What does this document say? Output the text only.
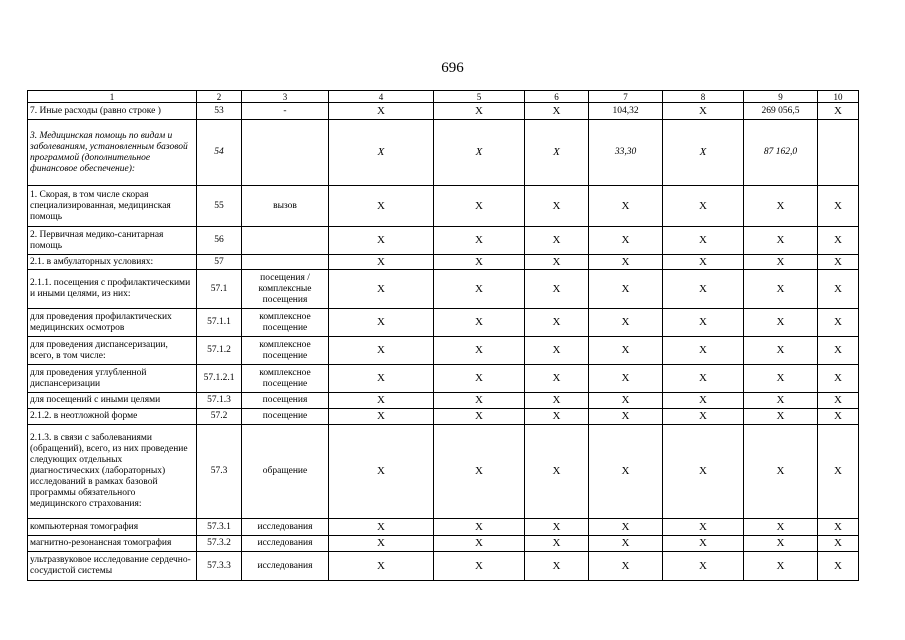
696
1	2	3	4	5	6	7	8	9	10
7. Иные расходы (равно строке )	53	-	X	X	X	104,32	X	269 056,5	X
3. Медицинская помощь по видам и заболеваниям, установленным базовой программой (дополнительное финансовое обеспечение):	54		X	X	X	33,30	X	87 162,0	
1. Скорая, в том числе скорая специализированная, медицинская помощь	55	вызов	X	X	X	X	X	X	X
2. Первичная медико-санитарная помощь	56		X	X	X	X	X	X	X
2.1. в амбулаторных условиях:	57		X	X	X	X	X	X	X
2.1.1. посещения с профилактическими и иными целями, из них:	57.1	посещения / комплексные посещения	X	X	X	X	X	X	X
для проведения профилактических медицинских осмотров	57.1.1	комплексное посещение	X	X	X	X	X	X	X
для проведения диспансеризации, всего, в том числе:	57.1.2	комплексное посещение	X	X	X	X	X	X	X
для проведения углубленной диспансеризации	57.1.2.1	комплексное посещение	X	X	X	X	X	X	X
для посещений с иными целями	57.1.3	посещения	X	X	X	X	X	X	X
2.1.2. в неотложной форме	57.2	посещение	X	X	X	X	X	X	X
2.1.3. в связи с заболеваниями (обращений), всего, из них проведение следующих отдельных диагностических (лабораторных) исследований в рамках базовой программы обязательного медицинского страхования:	57.3	обращение	X	X	X	X	X	X	X
компьютерная томография	57.3.1	исследования	X	X	X	X	X	X	X
магнитно-резонансная томография	57.3.2	исследования	X	X	X	X	X	X	X
ультразвуковое исследование сердечно-сосудистой системы	57.3.3	исследования	X	X	X	X	X	X	X
